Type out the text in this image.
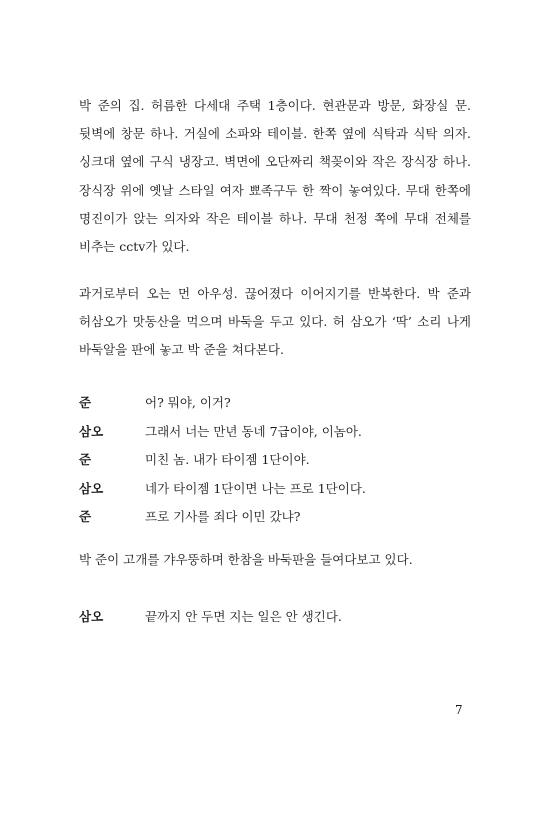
박 준의 집. 허름한 다세대 주택 1층이다. 현관문과 방문, 화장실 문. 뒷벽에 창문 하나. 거실에 소파와 테이블. 한쪽 옆에 식탁과 식탁 의자. 싱크대 옆에 구식 냉장고. 벽면에 오단짜리 책꽂이와 작은 장식장 하나. 장식장 위에 옛날 스타일 여자 뾰족구두 한 짝이 놓여있다. 무대 한쪽에 명진이가 앉는 의자와 작은 테이블 하나. 무대 천정 쪽에 무대 전체를 비추는 cctv가 있다.

과거로부터 오는 먼 아우성. 끊어졌다 이어지기를 반복한다. 박 준과 허삼오가 맛동산을 먹으며 바둑을 두고 있다. 허 삼오가 ‘딱’ 소리 나게 바둑알을 판에 놓고 박 준을 쳐다본다.

준	어? 뭐야, 이거?
삼오	그래서 너는 만년 동네 7급이야, 이놈아.
준	미친 놈. 내가 타이젬 1단이야.
삼오	네가 타이젬 1단이면 나는 프로 1단이다.
준	프로 기사를 죄다 이민 갔냐?

박 준이 고개를 갸우뚱하며 한참을 바둑판을 들여다보고 있다.

삼오	끝까지 안 두면 지는 일은 안 생긴다.
7
